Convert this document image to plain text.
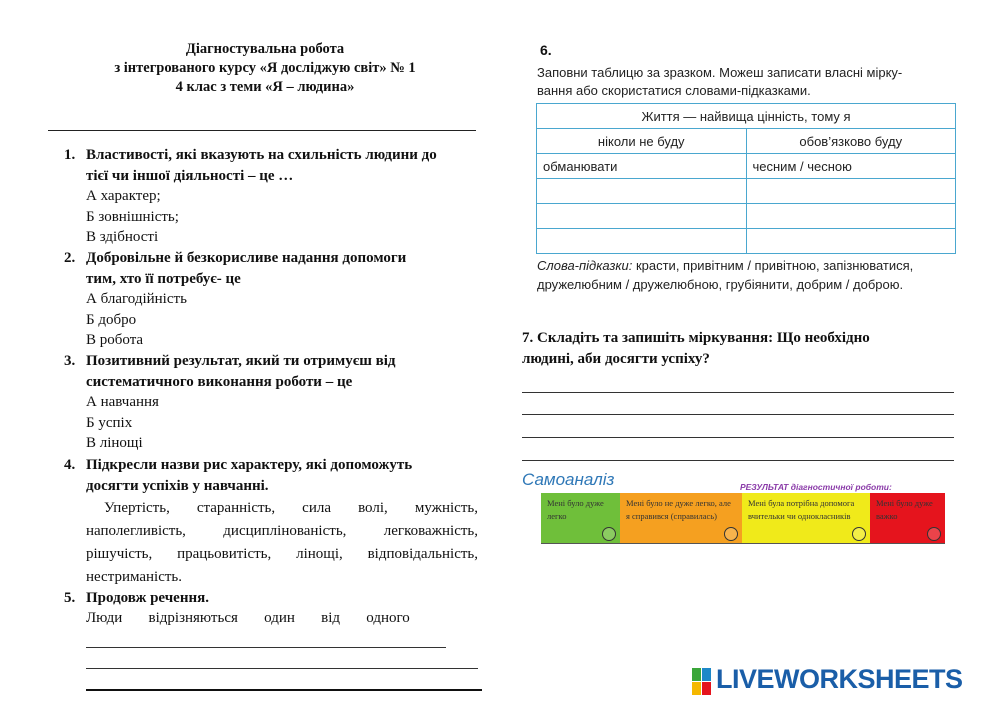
Діагностувальна робота
з інтегрованого курсу «Я досліджую світ» № 1
4 клас з теми «Я – людина»
1. Властивості, які вказують на схильність людини до
тієї чи іншої діяльності – це …
А характер;
Б зовнішність;
В здібності
2. Добровільне й безкорисливе надання допомоги
тим, хто її потребує- це
А благодійність
Б добро
В робота
3. Позитивний результат, який ти отримуєш від
систематичного виконання роботи – це
А навчання
Б успіх
В лінощі
4. Підкресли назви рис характеру, які допоможуть
досягти успіхів у навчанні.
Упертість, старанність, сила волі, мужність,
наполегливість, дисциплінованість, легковажність,
рішучість, працьовитість, лінощі, відповідальність,
нестриманість.
5. Продовж речення.
Люди       відрізняються       один       від       одного
6.
Заповни таблицю за зразком. Можеш записати власні мірку-
вання або скористатися словами-підказками.
Життя — найвища цінність, тому я	
ніколи не буду	обов’язково буду
обманювати	чесним / чесною

Слова-підказки: красти, привітним / привітною, запізнюватися,
дружелюбним / дружелюбною, грубіянити, добрим / доброю.
7. Складіть та запишіть міркування: Що необхідно
людині, аби досягти успіху?
Самоаналіз	РЕЗУЛЬТАТ діагностичної роботи:
Мені було дуже легко
Мені було не дуже легко, але я справився (справилась)
Мені була потрібна допомога вчительки чи однокласників
Мені було дуже важко
LIVEWORKSHEETS
